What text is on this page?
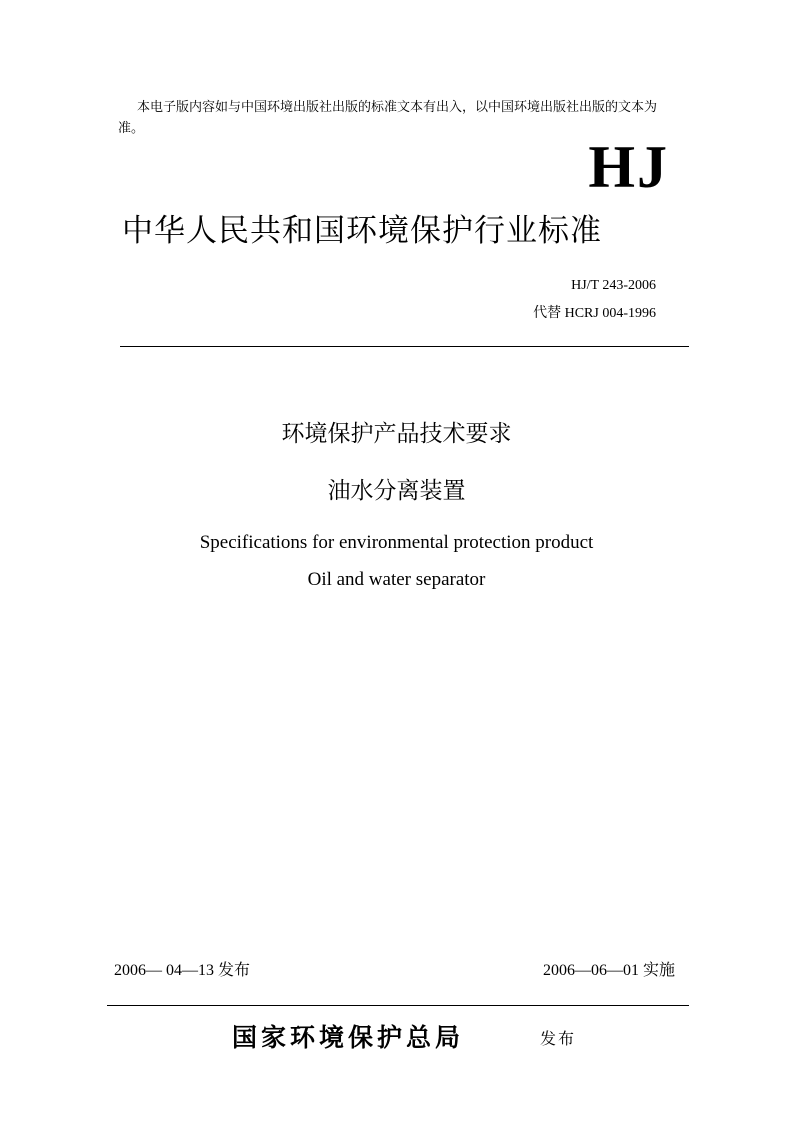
本电子版内容如与中国环境出版社出版的标准文本有出入，以中国环境出版社出版的文本为准。
HJ
中华人民共和国环境保护行业标准
HJ/T 243-2006
代替 HCRJ 004-1996
环境保护产品技术要求
油水分离装置
Specifications for environmental protection product
Oil and water separator
2006— 04—13 发布	2006—06—01 实施
国家环境保护总局	发布
